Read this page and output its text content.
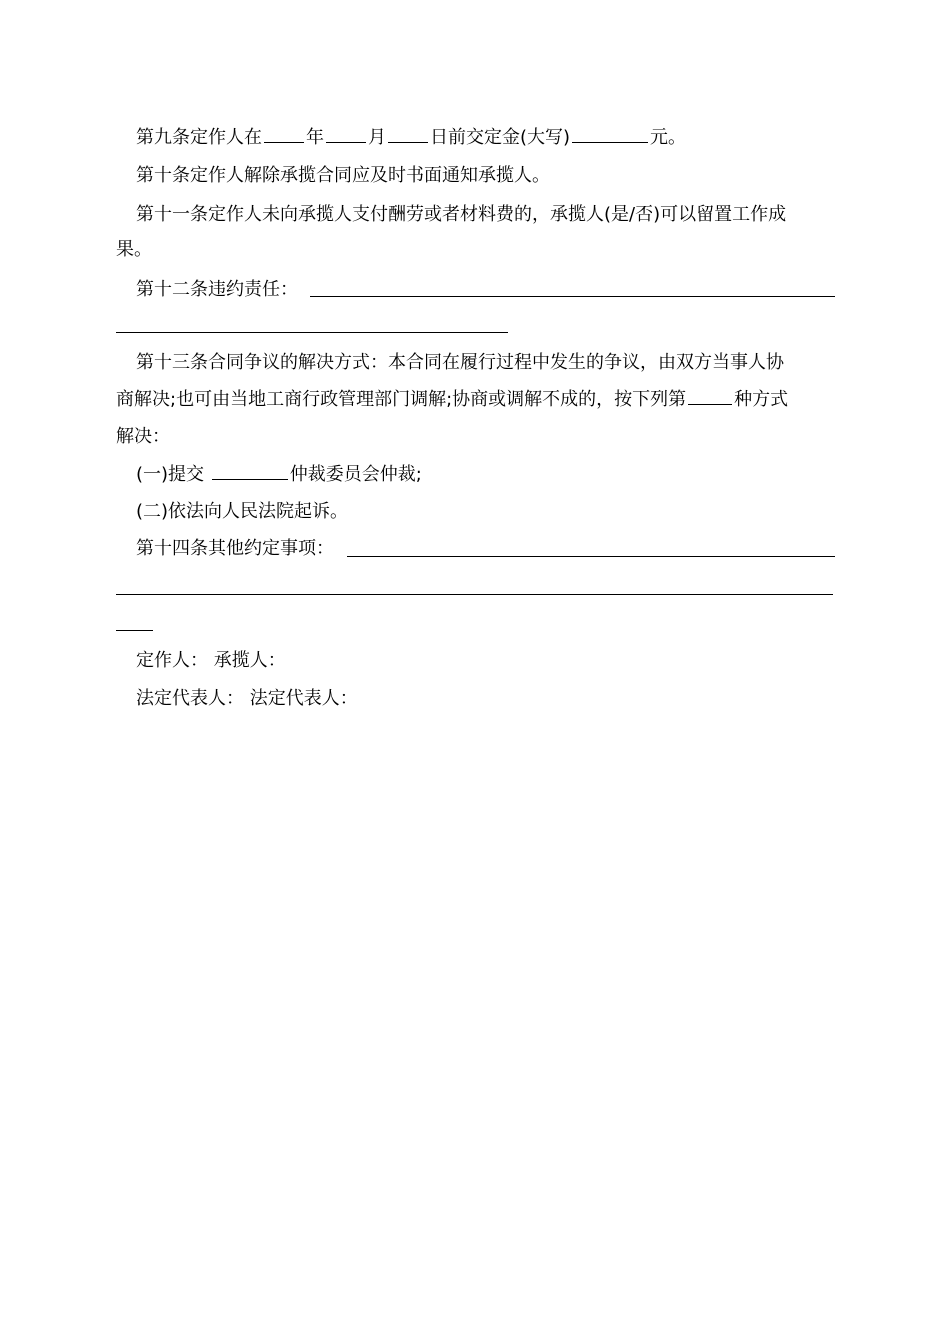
第九条定作人在 年 月 日前交定金(大写)	元。
第十条定作人解除承揽合同应及时书面通知承揽人。
第十一条定作人未向承揽人支付酬劳或者材料费的，承揽人(是/否)可以留置工作成
果。
第十二条违约责任：
第十三条合同争议的解决方式：本合同在履行过程中发生的争议，由双方当事人协
商解决;也可由当地工商行政管理部门调解;协商或调解不成的，按下列第	种方式
解决：
(一)提交	仲裁委员会仲裁;
(二)依法向人民法院起诉。
第十四条其他约定事项：
定作人： 承揽人：
法定代表人： 法定代表人：
